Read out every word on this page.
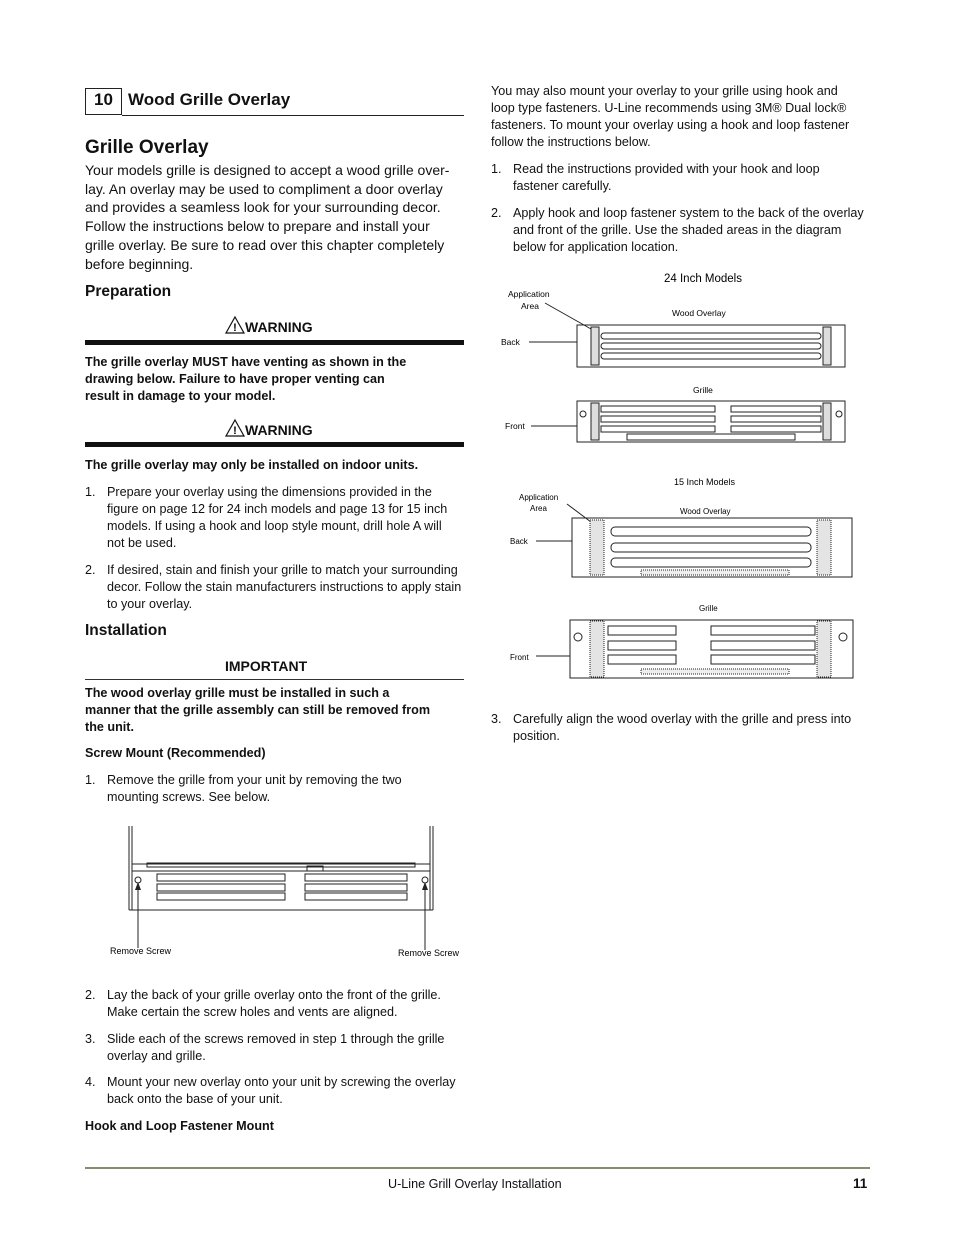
10 Wood Grille Overlay
Grille Overlay
Your models grille is designed to accept a wood grille over-
lay. An overlay may be used to compliment a door overlay
and provides a seamless look for your surrounding decor.
Follow the instructions below to prepare and install your
grille overlay. Be sure to read over this chapter completely
before beginning.
Preparation
! WARNING
The grille overlay MUST have venting as shown in the
drawing below. Failure to have proper venting can
result in damage to your model.
! WARNING
The grille overlay may only be installed on indoor units.
1. Prepare your overlay using the dimensions provided in the
figure on page 12 for 24 inch models and page 13 for 15 inch
models. If using a hook and loop style mount, drill hole A will
not be used.
2. If desired, stain and finish your grille to match your surrounding
decor. Follow the stain manufacturers instructions to apply stain
to your overlay.
Installation
IMPORTANT
The wood overlay grille must be installed in such a
manner that the grille assembly can still be removed from
the unit.
Screw Mount (Recommended)
1. Remove the grille from your unit by removing the two
mounting screws. See below.
Remove Screw	Remove Screw
2. Lay the back of your grille overlay onto the front of the grille.
Make certain the screw holes and vents are aligned.
3. Slide each of the screws removed in step 1 through the grille
overlay and grille.
4. Mount your new overlay onto your unit by screwing the overlay
back onto the base of your unit.
Hook and Loop Fastener Mount
You may also mount your overlay to your grille using hook and
loop type fasteners. U-Line recommends using 3M® Dual lock®
fasteners. To mount your overlay using a hook and loop fastener
follow the instructions below.
1. Read the instructions provided with your hook and loop
fastener carefully.
2. Apply hook and loop fastener system to the back of the overlay
and front of the grille. Use the shaded areas in the diagram
below for application location.
24 Inch Models
Application
Area
Wood Overlay
Back
Grille
Front
15 Inch Models
Application
Area	Wood Overlay
Back
Grille
Front
3. Carefully align the wood overlay with the grille and press into
position.
U-Line Grill Overlay Installation	11
